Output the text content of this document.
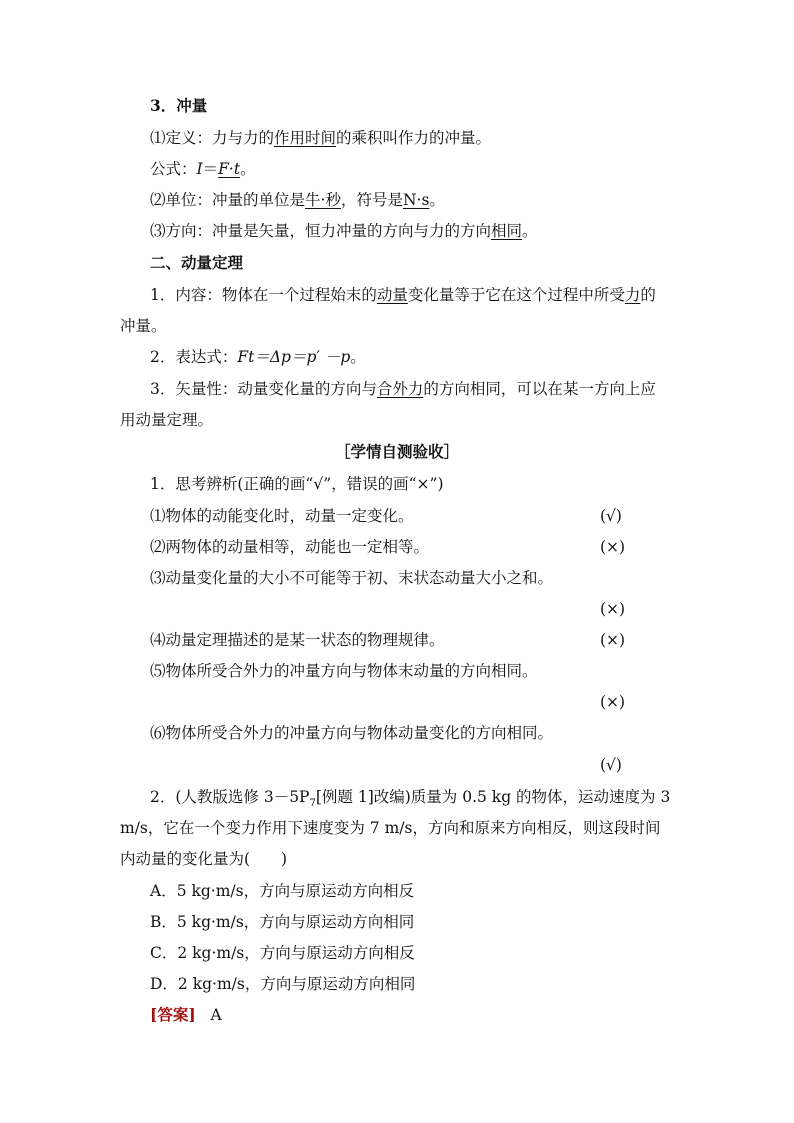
3．冲量
⑴定义：力与力的作用时间的乘积叫作力的冲量。
公式：I＝F·t。
⑵单位：冲量的单位是牛·秒，符号是N·s。
⑶方向：冲量是矢量，恒力冲量的方向与力的方向相同。
二、动量定理
1．内容：物体在一个过程始末的动量变化量等于它在这个过程中所受力的
冲量。
2．表达式：Ft＝Δp＝p′ －p。
3．矢量性：动量变化量的方向与合外力的方向相同，可以在某一方向上应
用动量定理。
［学情自测验收］
1．思考辨析(正确的画“√”，错误的画“×”)
⑴物体的动能变化时，动量一定变化。	(√)
⑵两物体的动量相等，动能也一定相等。	(×)
⑶动量变化量的大小不可能等于初、末状态动量大小之和。
(×)
⑷动量定理描述的是某一状态的物理规律。	(×)
⑸物体所受合外力的冲量方向与物体末动量的方向相同。
(×)
⑹物体所受合外力的冲量方向与物体动量变化的方向相同。
(√)
2．(人教版选修 $3-5P_7$[例题 1]改编)质量为 0.5 kg 的物体，运动速度为 3
m/s，它在一个变力作用下速度变为 7 m/s，方向和原来方向相反，则这段时间
内动量的变化量为(　　)
A．5 kg·m/s，方向与原运动方向相反
B．5 kg·m/s，方向与原运动方向相同
C．2 kg·m/s，方向与原运动方向相反
D．2 kg·m/s，方向与原运动方向相同
[答案] A
